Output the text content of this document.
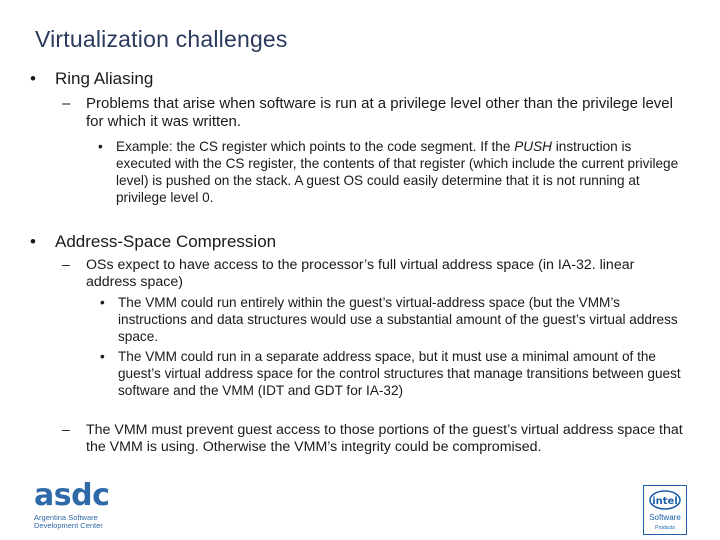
Virtualization challenges
• Ring Aliasing
– Problems that arise when software is run at a privilege level other than the privilege level for which it was written.
• Example: the CS register which points to the code segment. If the PUSH instruction is executed with the CS register, the contents of that register (which include the current privilege level) is pushed on the stack. A guest OS could easily determine that it is not running at privilege level 0.
• Address-Space Compression
– OSs expect to have access to the processor’s full virtual address space (in IA-32. linear address space)
• The VMM could run entirely within the guest’s virtual-address space (but the VMM’s instructions and data structures would use a substantial amount of the guest’s virtual address space.
• The VMM could run in a separate address space, but it must use a minimal amount of the guest’s virtual address space for the control structures that manage transitions between guest software and the VMM (IDT and GDT for IA-32)
– The VMM must prevent guest access to those portions of the guest’s virtual address space that the VMM is using. Otherwise the VMM’s integrity could be compromised.
asdc
Argentina Software
Development Center
intel
Software
Products
